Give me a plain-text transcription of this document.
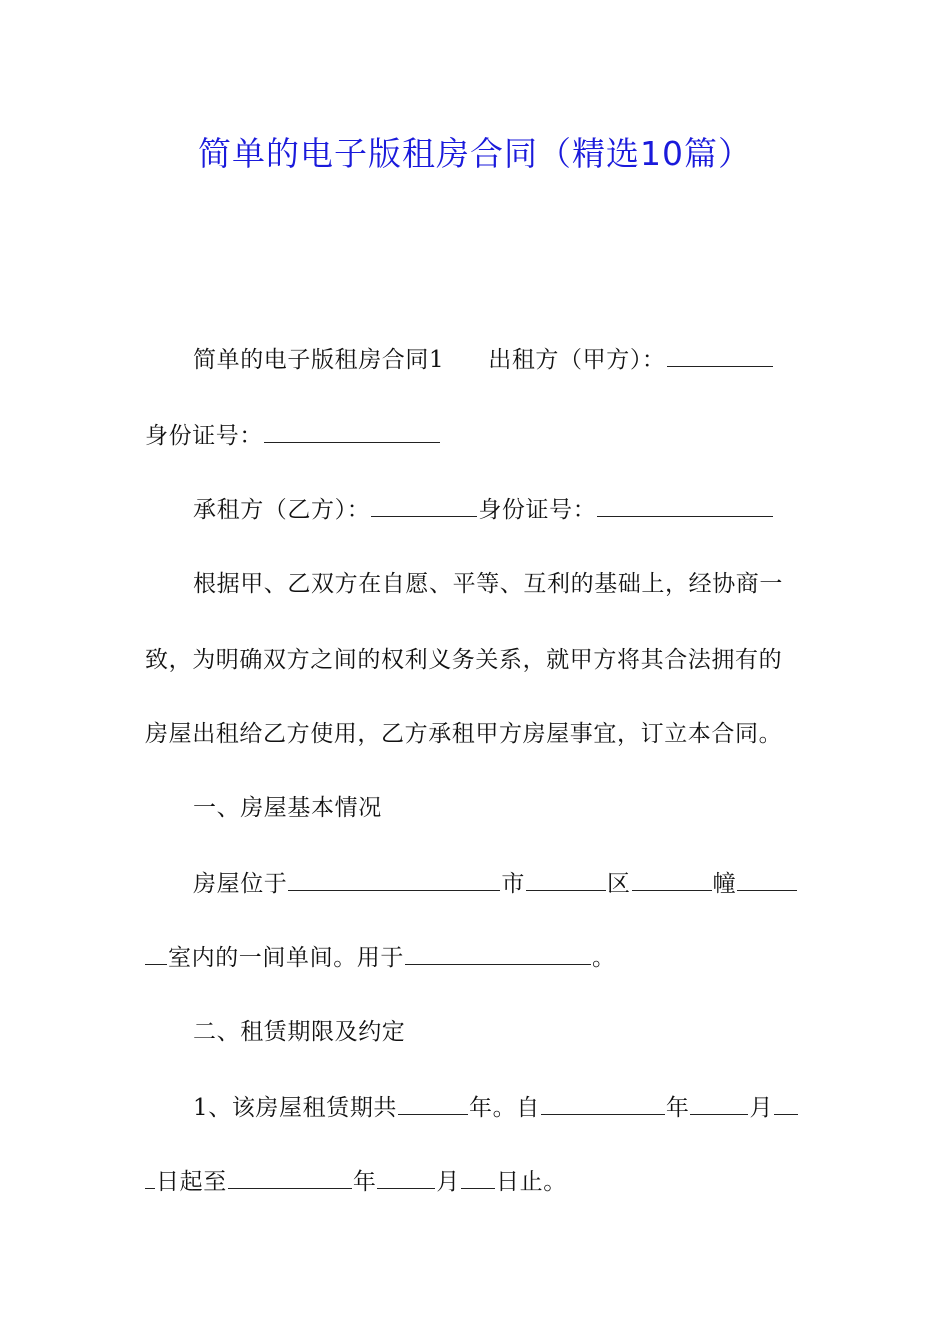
简单的电子版租房合同（精选10篇）
简单的电子版租房合同1 出租方（甲方）：
身份证号：
承租方（乙方）：	身份证号：
根据甲、乙双方在自愿、平等、互利的基础上，经协商一
致，为明确双方之间的权利义务关系，就甲方将其合法拥有的
房屋出租给乙方使用，乙方承租甲方房屋事宜，订立本合同。
一、房屋基本情况
房屋位于	市	区	幢
室内的一间单间。用于	。
二、租赁期限及约定
1、该房屋租赁期共	年。自	年	月
日起至	年	月 日止。
